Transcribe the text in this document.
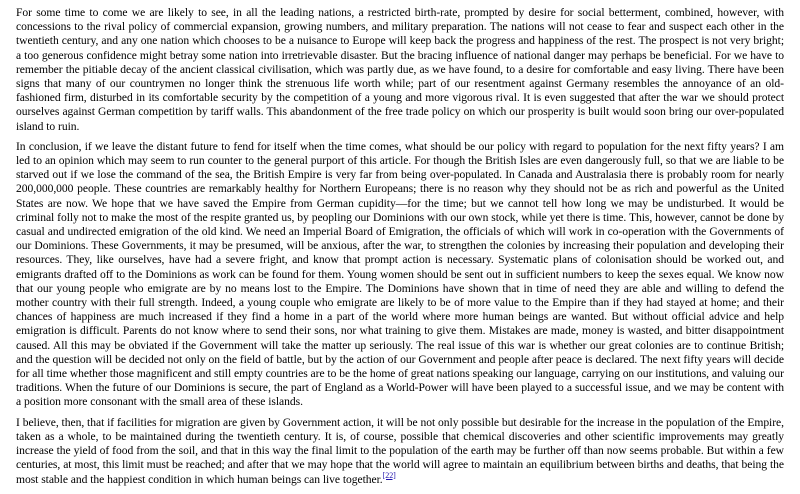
For some time to come we are likely to see, in all the leading nations, a restricted birth-rate, prompted by desire for social betterment, combined, however, with concessions to the rival policy of commercial expansion, growing numbers, and military preparation. The nations will not cease to fear and suspect each other in the twentieth century, and any one nation which chooses to be a nuisance to Europe will keep back the progress and happiness of the rest. The prospect is not very bright; a too generous confidence might betray some nation into irretrievable disaster. But the bracing influence of national danger may perhaps be beneficial. For we have to remember the pitiable decay of the ancient classical civilisation, which was partly due, as we have found, to a desire for comfortable and easy living. There have been signs that many of our countrymen no longer think the strenuous life worth while; part of our resentment against Germany resembles the annoyance of an old-fashioned firm, disturbed in its comfortable security by the competition of a young and more vigorous rival. It is even suggested that after the war we should protect ourselves against German competition by tariff walls. This abandonment of the free trade policy on which our prosperity is built would soon bring our over-populated island to ruin.

In conclusion, if we leave the distant future to fend for itself when the time comes, what should be our policy with regard to population for the next fifty years? I am led to an opinion which may seem to run counter to the general purport of this article. For though the British Isles are even dangerously full, so that we are liable to be starved out if we lose the command of the sea, the British Empire is very far from being over-populated. In Canada and Australasia there is probably room for nearly 200,000,000 people. These countries are remarkably healthy for Northern Europeans; there is no reason why they should not be as rich and powerful as the United States are now. We hope that we have saved the Empire from German cupidity—for the time; but we cannot tell how long we may be undisturbed. It would be criminal folly not to make the most of the respite granted us, by peopling our Dominions with our own stock, while yet there is time. This, however, cannot be done by casual and undirected emigration of the old kind. We need an Imperial Board of Emigration, the officials of which will work in co-operation with the Governments of our Dominions. These Governments, it may be presumed, will be anxious, after the war, to strengthen the colonies by increasing their population and developing their resources. They, like ourselves, have had a severe fright, and know that prompt action is necessary. Systematic plans of colonisation should be worked out, and emigrants drafted off to the Dominions as work can be found for them. Young women should be sent out in sufficient numbers to keep the sexes equal. We know now that our young people who emigrate are by no means lost to the Empire. The Dominions have shown that in time of need they are able and willing to defend the mother country with their full strength. Indeed, a young couple who emigrate are likely to be of more value to the Empire than if they had stayed at home; and their chances of happiness are much increased if they find a home in a part of the world where more human beings are wanted. But without official advice and help emigration is difficult. Parents do not know where to send their sons, nor what training to give them. Mistakes are made, money is wasted, and bitter disappointment caused. All this may be obviated if the Government will take the matter up seriously. The real issue of this war is whether our great colonies are to continue British; and the question will be decided not only on the field of battle, but by the action of our Government and people after peace is declared. The next fifty years will decide for all time whether those magnificent and still empty countries are to be the home of great nations speaking our language, carrying on our institutions, and valuing our traditions. When the future of our Dominions is secure, the part of England as a World-Power will have been played to a successful issue, and we may be content with a position more consonant with the small area of these islands.

I believe, then, that if facilities for migration are given by Government action, it will be not only possible but desirable for the increase in the population of the Empire, taken as a whole, to be maintained during the twentieth century. It is, of course, possible that chemical discoveries and other scientific improvements may greatly increase the yield of food from the soil, and that in this way the final limit to the population of the earth may be further off than now seems probable. But within a few centuries, at most, this limit must be reached; and after that we may hope that the world will agree to maintain an equilibrium between births and deaths, that being the most stable and the happiest condition in which human beings can live together.[22]
